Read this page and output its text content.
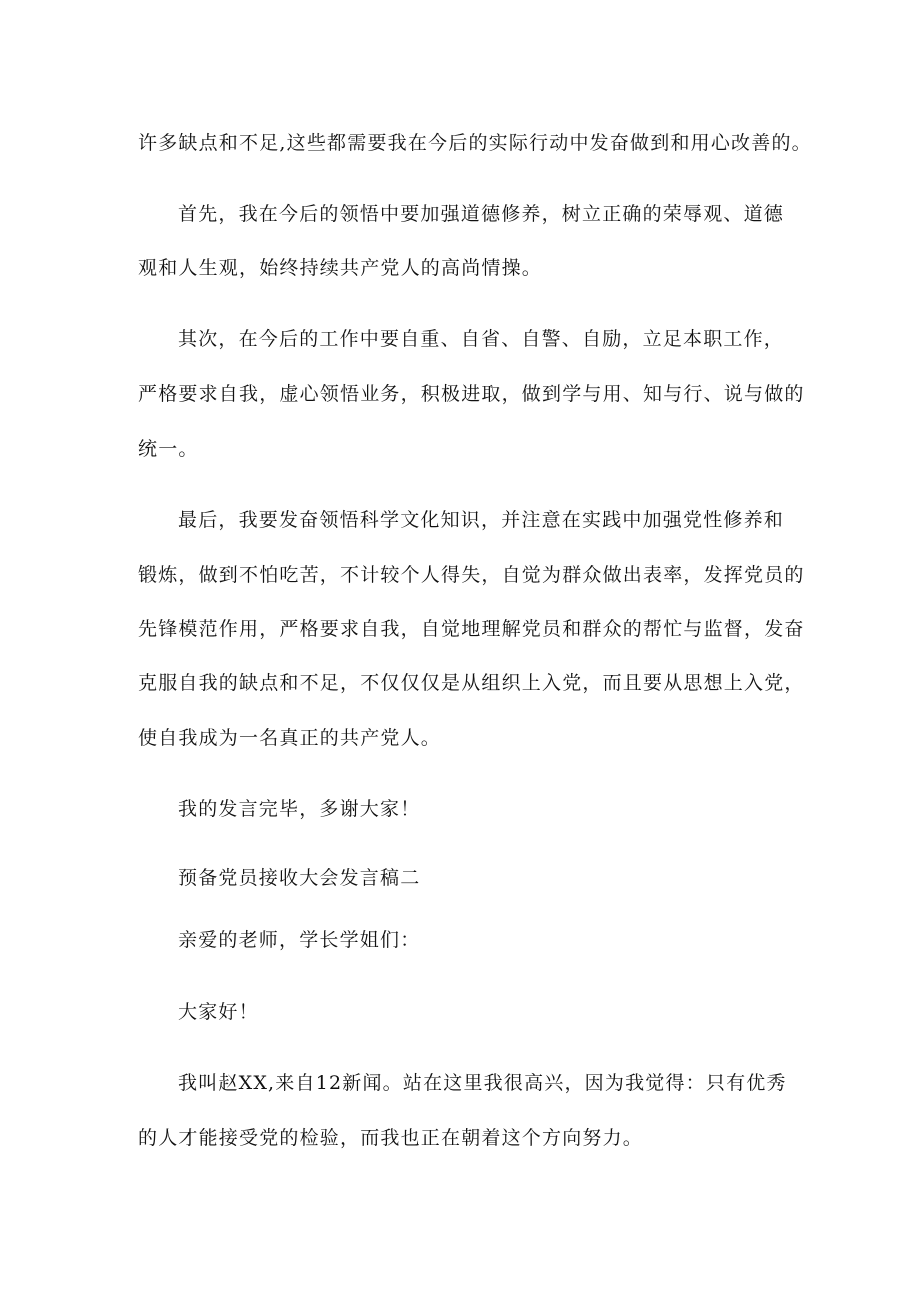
许多缺点和不足,这些都需要我在今后的实际行动中发奋做到和用心改善的。
首先，我在今后的领悟中要加强道德修养，树立正确的荣辱观、道德
观和人生观，始终持续共产党人的高尚情操。
其次，在今后的工作中要自重、自省、自警、自励，立足本职工作，
严格要求自我，虚心领悟业务，积极进取，做到学与用、知与行、说与做的
统一。
最后，我要发奋领悟科学文化知识，并注意在实践中加强党性修养和
锻炼，做到不怕吃苦，不计较个人得失，自觉为群众做出表率，发挥党员的
先锋模范作用，严格要求自我，自觉地理解党员和群众的帮忙与监督，发奋
克服自我的缺点和不足，不仅仅仅是从组织上入党，而且要从思想上入党，
使自我成为一名真正的共产党人。
我的发言完毕，多谢大家！
预备党员接收大会发言稿二
亲爱的老师，学长学姐们：
大家好！
我叫赵XX,来自12新闻。站在这里我很高兴，因为我觉得：只有优秀
的人才能接受党的检验，而我也正在朝着这个方向努力。
